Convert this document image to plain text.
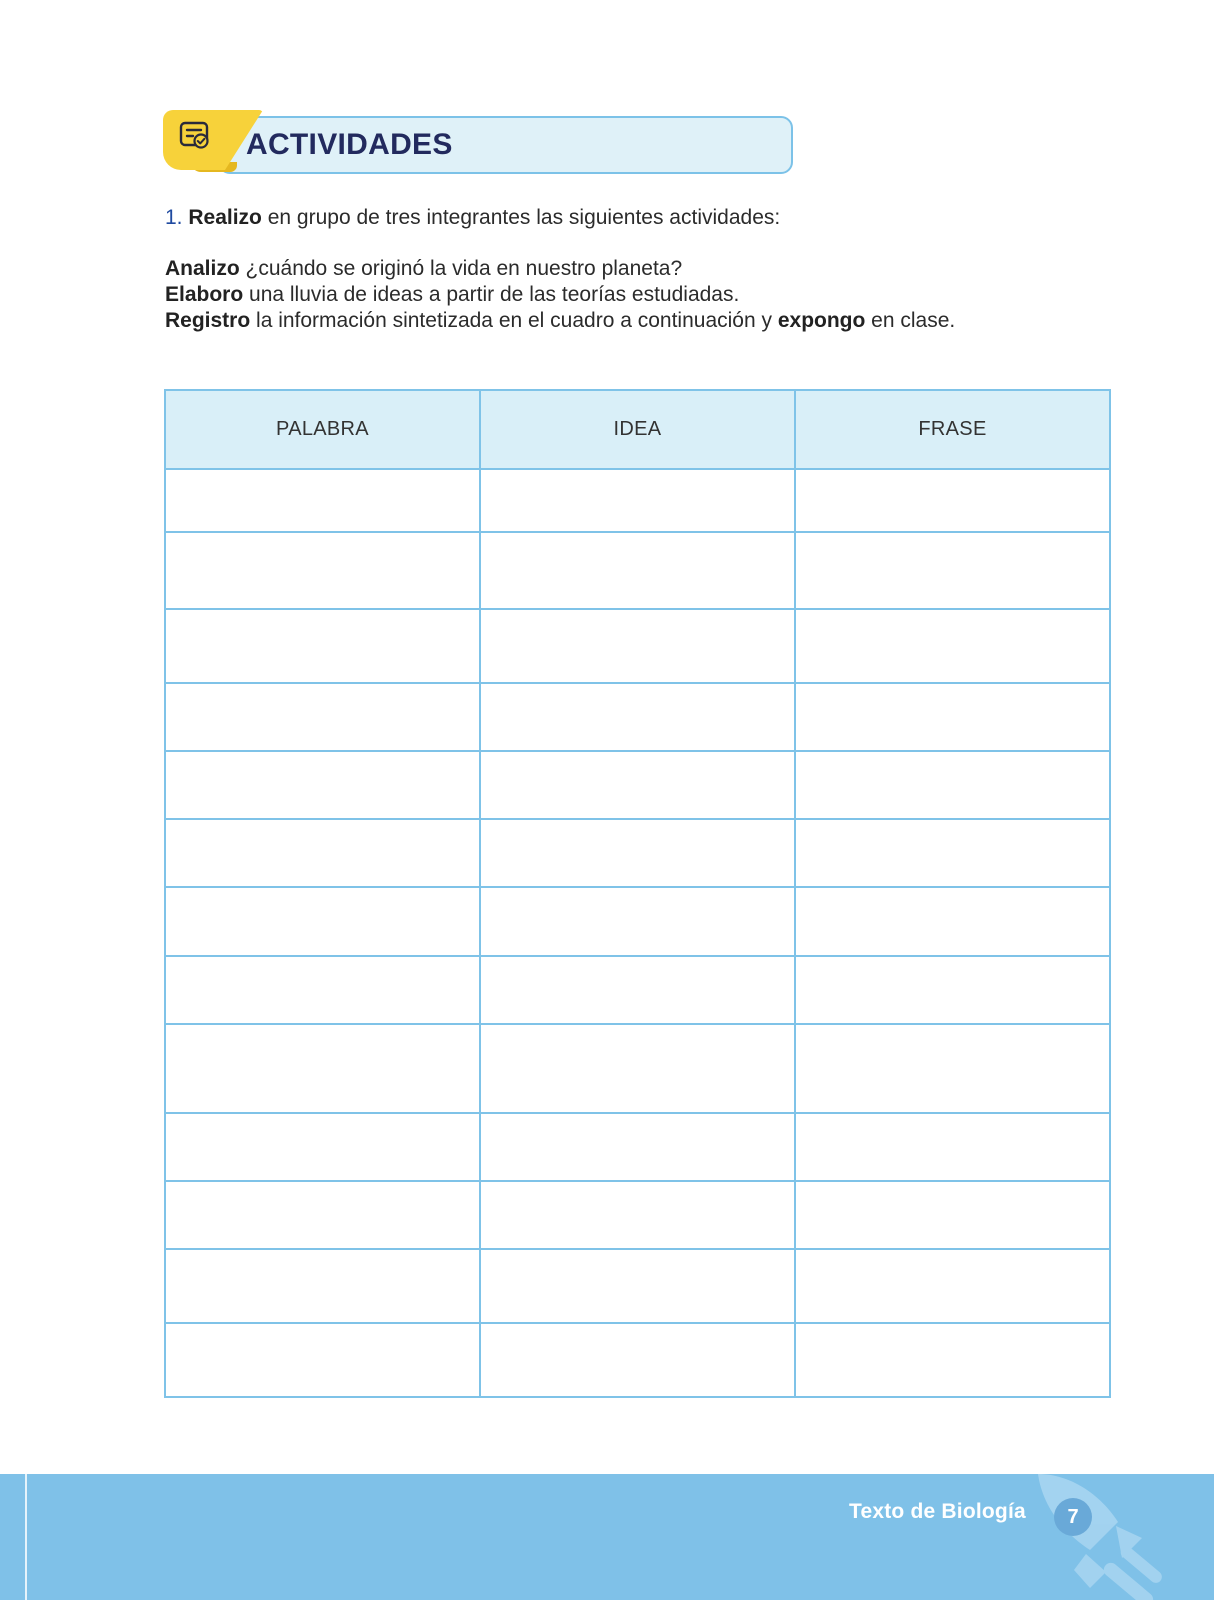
ACTIVIDADES
1. Realizo en grupo de tres integrantes las siguientes actividades:
Analizo ¿cuándo se originó la vida en nuestro planeta?
Elaboro una lluvia de ideas a partir de las teorías estudiadas.
Registro la información sintetizada en el cuadro a continuación y expongo en clase.
PALABRA	IDEA	FRASE

Texto de Biología	7
